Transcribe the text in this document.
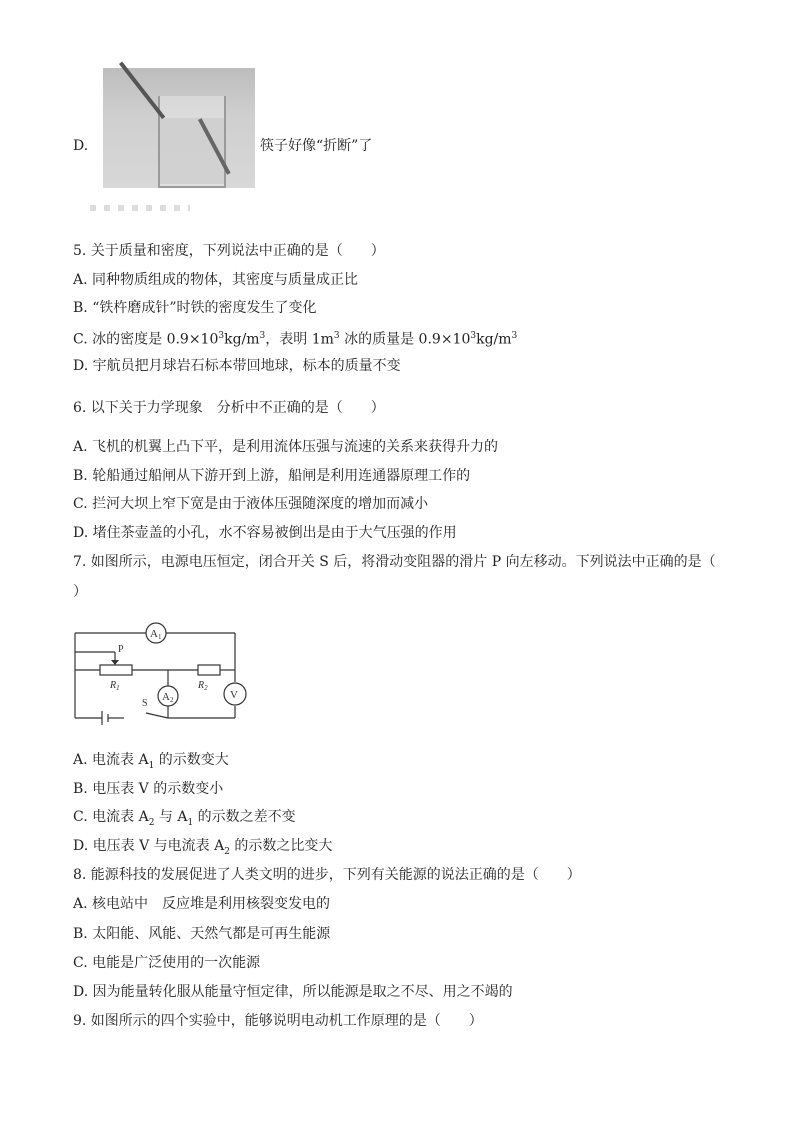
D.	筷子好像“折断”了
5. 关于质量和密度，下列说法中正确的是（　　）
A. 同种物质组成的物体，其密度与质量成正比
B. “铁杵磨成针”时铁的密度发生了变化
C. 冰的密度是 $0.9\times 10^3kg/m^3$，表明 $1m^3$ 冰的质量是 $0.9\times 10^3kg/m^3$
D. 宇航员把月球岩石标本带回地球，标本的质量不变
6. 以下关于力学现象　分析中不正确的是（　　）
A. 飞机的机翼上凸下平，是利用流体压强与流速的关系来获得升力的
B. 轮船通过船闸从下游开到上游，船闸是利用连通器原理工作的
C. 拦河大坝上窄下宽是由于液体压强随深度的增加而减小
D. 堵住茶壶盖的小孔，水不容易被倒出是由于大气压强的作用
7. 如图所示，电源电压恒定，闭合开关 S 后，将滑动变阻器的滑片 P 向左移动。下列说法中正确的是（
）
A1
A2	V
P
$R_1$	$R_2$
S
A. 电流表 $A_1$ 的示数变大
B. 电压表 V 的示数变小
C. 电流表 $A_2$ 与 $A_1$ 的示数之差不变
D. 电压表 V 与电流表 $A_2$ 的示数之比变大
8. 能源科技的发展促进了人类文明的进步，下列有关能源的说法正确的是（　　）
A. 核电站中　反应堆是利用核裂变发电的
B. 太阳能、风能、天然气都是可再生能源
C. 电能是广泛使用的一次能源
D. 因为能量转化服从能量守恒定律，所以能源是取之不尽、用之不竭的
9. 如图所示的四个实验中，能够说明电动机工作原理的是（　　）
